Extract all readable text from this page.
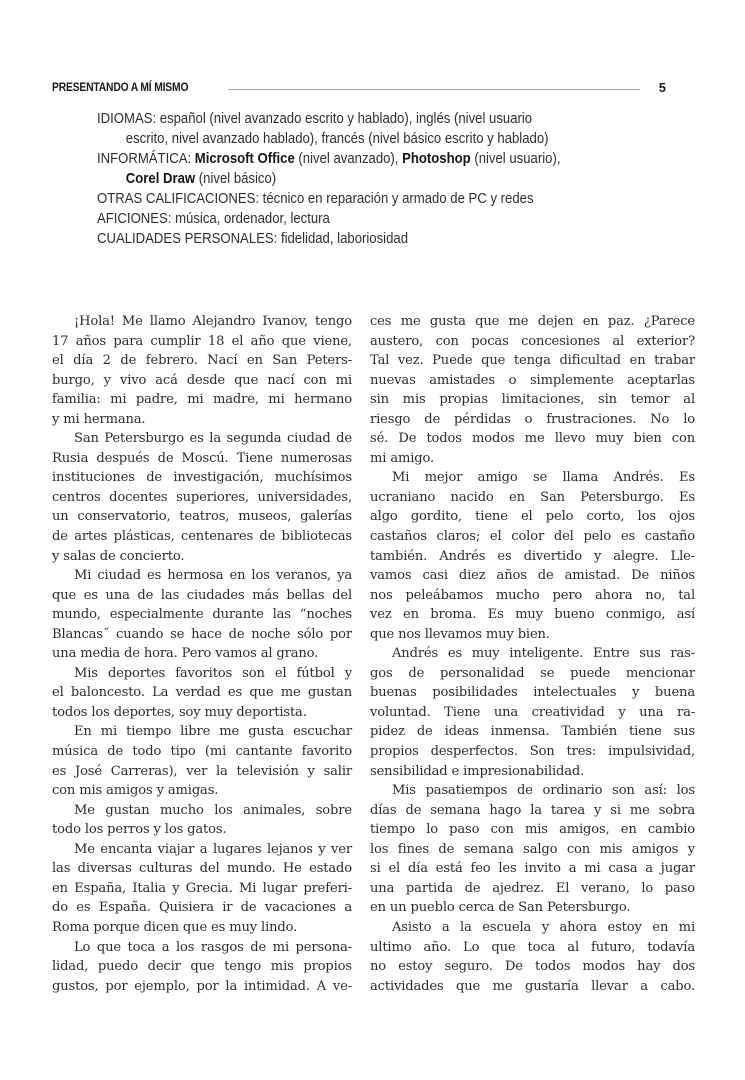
PRESENTANDO A MÍ MISMO	5
IDIOMAS: español (nivel avanzado escrito y hablado), inglés (nivel usuario
escrito, nivel avanzado hablado), francés (nivel básico escrito y hablado)
INFORMÁTICA: Microsoft Office (nivel avanzado), Photoshop (nivel usuario),
Corel Draw (nivel básico)
OTRAS CALIFICACIONES: técnico en reparación y armado de PC y redes
AFICIONES: música, ordenador, lectura
CUALIDADES PERSONALES: fidelidad, laboriosidad
¡Hola! Me llamo Alejandro Ivanov, tengo
17 años para cumplir 18 el año que viene,
el día 2 de febrero. Nací en San Peters-
burgo, y vivo acá desde que nací con mi
familia: mi padre, mi madre, mi hermano
y mi hermana.
San Petersburgo es la segunda ciudad de
Rusia después de Moscú. Tiene numerosas
instituciones de investigación, muchísimos
centros docentes superiores, universidades,
un conservatorio, teatros, museos, galerías
de artes plásticas, centenares de bibliotecas
y salas de concierto.
Mi ciudad es hermosa en los veranos, ya
que es una de las ciudades más bellas del
mundo, especialmente durante las “noches
Blancas˝ cuando se hace de noche sólo por
una media de hora. Pero vamos al grano.
Mis deportes favoritos son el fútbol y
el baloncesto. La verdad es que me gustan
todos los deportes, soy muy deportista.
En mi tiempo libre me gusta escuchar
música de todo tipo (mi cantante favorito
es José Carreras), ver la televisión y salir
con mis amigos y amigas.
Me gustan mucho los animales, sobre
todo los perros y los gatos.
Me encanta viajar a lugares lejanos y ver
las diversas culturas del mundo. He estado
en España, Italia y Grecia. Mi lugar preferi-
do es España. Quisiera ir de vacaciones a
Roma porque dicen que es muy lindo.
Lo que toca a los rasgos de mi persona-
lidad, puedo decir que tengo mis propios
gustos, por ejemplo, por la intimidad. A ve-
ces me gusta que me dejen en paz. ¿Parece
austero, con pocas concesiones al exterior?
Tal vez. Puede que tenga dificultad en trabar
nuevas amistades o simplemente aceptarlas
sin mis propias limitaciones, sin temor al
riesgo de pérdidas o frustraciones. No lo
sé. De todos modos me llevo muy bien con
mi amigo.
Mi mejor amigo se llama Andrés. Es
ucraniano nacido en San Petersburgo. Es
algo gordito, tiene el pelo corto, los ojos
castaños claros; el color del pelo es castaño
también. Andrés es divertido y alegre. Lle-
vamos casi diez años de amistad. De niños
nos peleábamos mucho pero ahora no, tal
vez en broma. Es muy bueno conmigo, así
que nos llevamos muy bien.
Andrés es muy inteligente. Entre sus ras-
gos de personalidad se puede mencionar
buenas posibilidades intelectuales y buena
voluntad. Tiene una creatividad y una ra-
pidez de ideas inmensa. También tiene sus
propios desperfectos. Son tres: impulsividad,
sensibilidad e impresionabilidad.
Mis pasatiempos de ordinario son así: los
días de semana hago la tarea y si me sobra
tiempo lo paso con mis amigos, en cambio
los fines de semana salgo con mis amigos y
si el día está feo les invito a mi casa a jugar
una partida de ajedrez. El verano, lo paso
en un pueblo cerca de San Petersburgo.
Asisto a la escuela y ahora estoy en mi
ultimo año. Lo que toca al futuro, todavía
no estoy seguro. De todos modos hay dos
actividades que me gustaría llevar a cabo.
